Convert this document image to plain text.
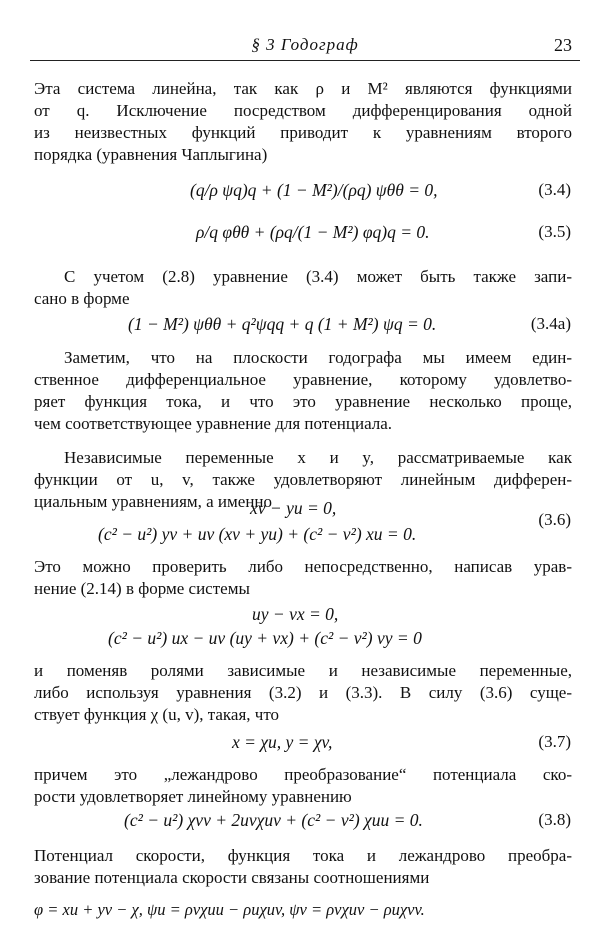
§ 3 Годограф	23
Эта система линейна, так как ρ и M² являются функциями
от q. Исключение посредством дифференцирования одной
из неизвестных функций приводит к уравнениям второго
порядка (уравнения Чаплыгина)
(q/ρ ψq)q + (1 − M²)/(ρq) ψθθ = 0,	(3.4)
ρ/q φθθ + (ρq/(1 − M²) φq)q = 0.	(3.5)
С учетом (2.8) уравнение (3.4) может быть также запи-
сано в форме
(1 − M²) ψθθ + q²ψqq + q (1 + M²) ψq = 0.	(3.4a)
Заметим, что на плоскости годографа мы имеем един-
ственное дифференциальное уравнение, которому удовлетво-
ряет функция тока, и что это уравнение несколько проще,
чем соответствующее уравнение для потенциала.
Независимые переменные x и y, рассматриваемые как
функции от u, v, также удовлетворяют линейным дифферен-
циальным уравнениям, а именно
xv − yu = 0,
(c² − u²) yv + uv (xv + yu) + (c² − v²) xu = 0.
(3.6)
Это можно проверить либо непосредственно, написав урав-
нение (2.14) в форме системы
uy − vx = 0,
(c² − u²) ux − uv (uy + vx) + (c² − v²) vy = 0
и поменяв ролями зависимые и независимые переменные,
либо используя уравнения (3.2) и (3.3). В силу (3.6) суще-
ствует функция χ (u, v), такая, что
x = χu, y = χv,	(3.7)
причем это „лежандрово преобразование“ потенциала ско-
рости удовлетворяет линейному уравнению
(c² − u²) χvv + 2uvχuv + (c² − v²) χuu = 0.	(3.8)
Потенциал скорости, функция тока и лежандрово преобра-
зование потенциала скорости связаны соотношениями
φ = xu + yv − χ, ψu = ρvχuu − ρuχuv, ψv = ρvχuv − ρuχvv.
